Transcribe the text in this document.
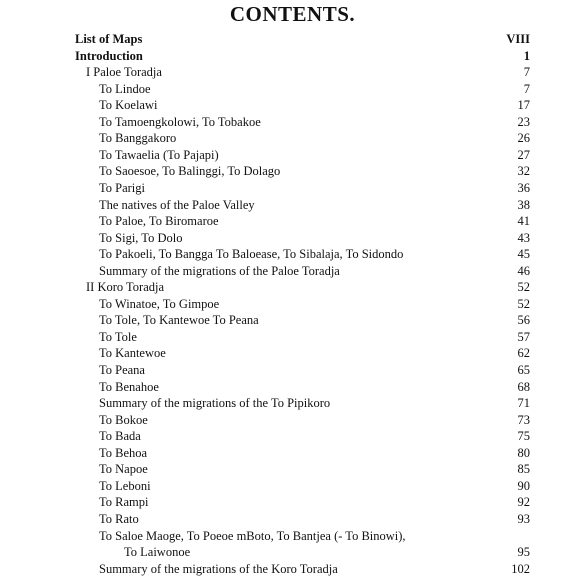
CONTENTS.
List of Maps	VIII
Introduction	1
I Paloe Toradja	7
To Lindoe	7
To Koelawi	17
To Tamoengkolowi, To Tobakoe	23
To Banggakoro	26
To Tawaelia (To Pajapi)	27
To Saoesoe, To Balinggi, To Dolago	32
To Parigi	36
The natives of the Paloe Valley	38
To Paloe, To Biromaroe	41
To Sigi, To Dolo	43
To Pakoeli, To Bangga To Baloease, To Sibalaja, To Sidondo	45
Summary of the migrations of the Paloe Toradja	46
II Koro Toradja	52
To Winatoe, To Gimpoe	52
To Tole, To Kantewoe To Peana	56
To Tole	57
To Kantewoe	62
To Peana	65
To Benahoe	68
Summary of the migrations of the To Pipikoro	71
To Bokoe	73
To Bada	75
To Behoa	80
To Napoe	85
To Leboni	90
To Rampi	92
To Rato	93
To Saloe Maoge, To Poeoe mBoto, To Bantjea (- To Binowi),
To Laiwonoe	95
Summary of the migrations of the Koro Toradja	102
